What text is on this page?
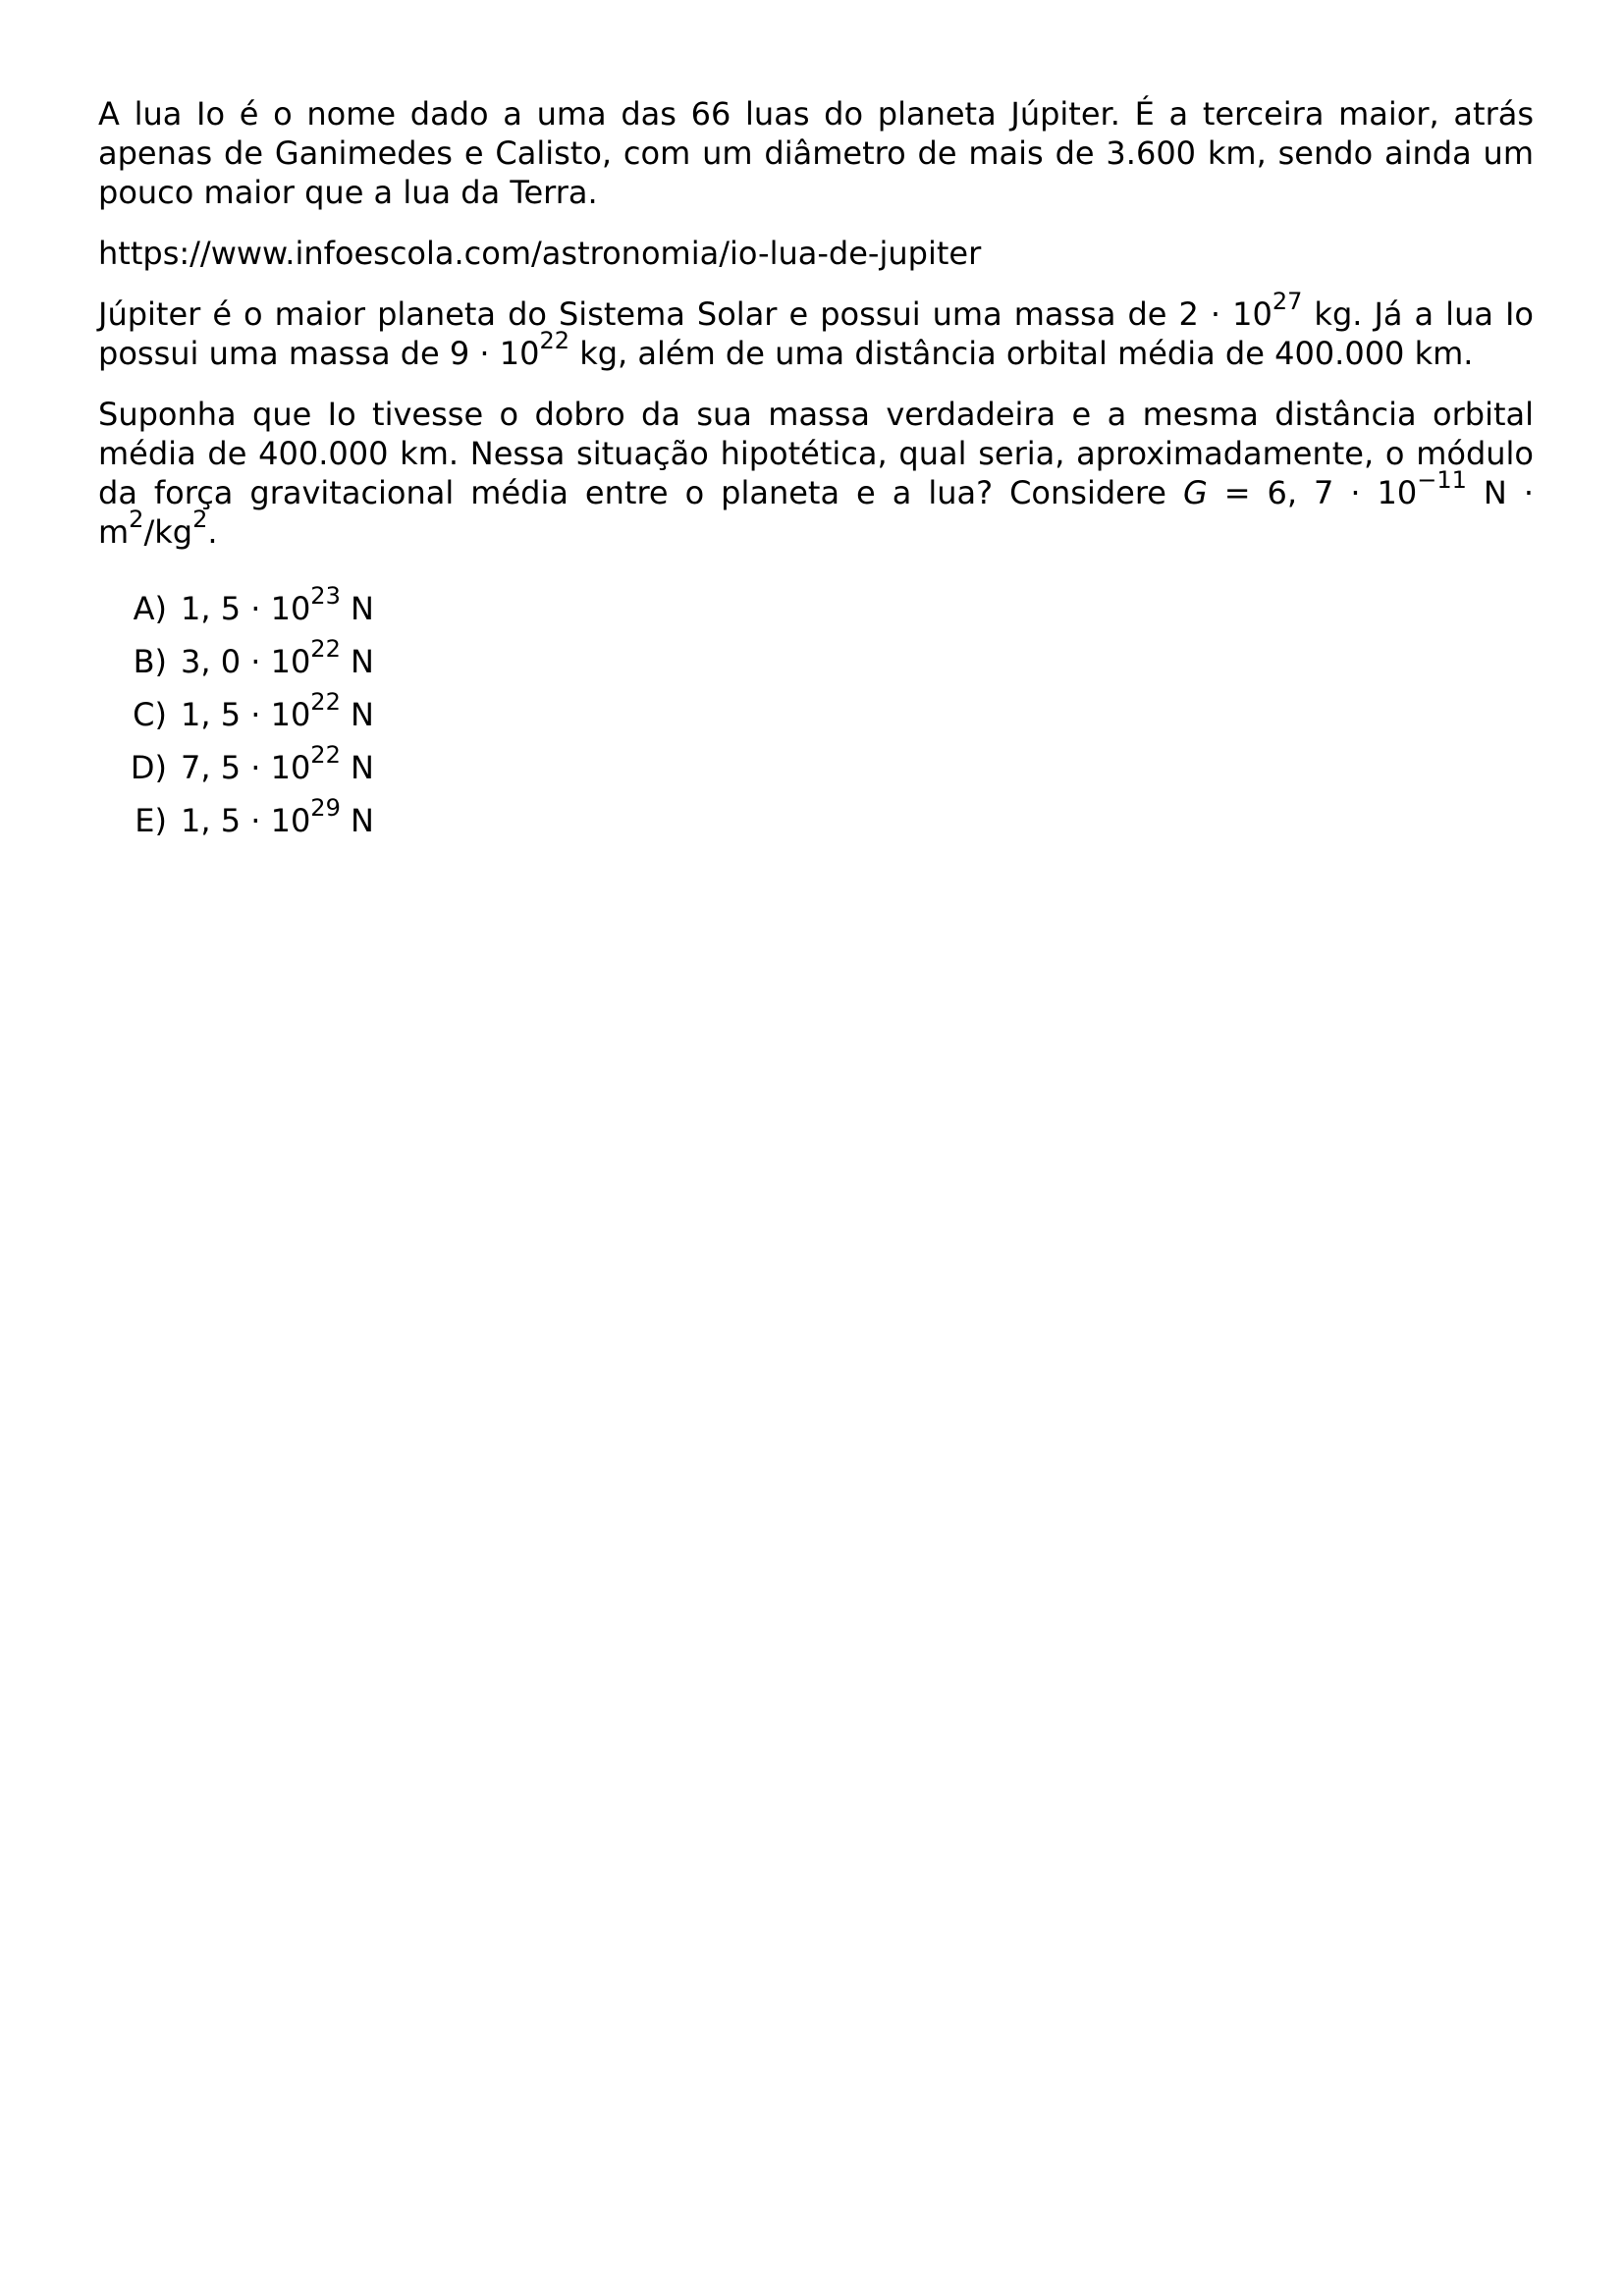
A lua Io é o nome dado a uma das 66 luas do planeta Júpiter. É a terceira maior, atrás apenas de Ganimedes e Calisto, com um diâmetro de mais de 3.600 km, sendo ainda um pouco maior que a lua da Terra.

https://www.infoescola.com/astronomia/io-lua-de-jupiter

Júpiter é o maior planeta do Sistema Solar e possui uma massa de $2 \cdot 10^{27}$ kg. Já a lua Io possui uma massa de $9 \cdot 10^{22}$ kg, além de uma distância orbital média de 400.000 km.

Suponha que Io tivesse o dobro da sua massa verdadeira e a mesma distância orbital média de 400.000 km. Nessa situação hipotética, qual seria, aproximadamente, o módulo da força gravitacional média entre o planeta e a lua? Considere G = 6, $7 \cdot 10^{-11}$ $N \cdot m^2/kg^2$.

A) 1, $5 \cdot 10^{23}$ N
B) 3, $0 \cdot 10^{22}$ N
C) 1, $5 \cdot 10^{22}$ N
D) 7, $5 \cdot 10^{22}$ N
E) 1, $5 \cdot 10^{29}$ N
